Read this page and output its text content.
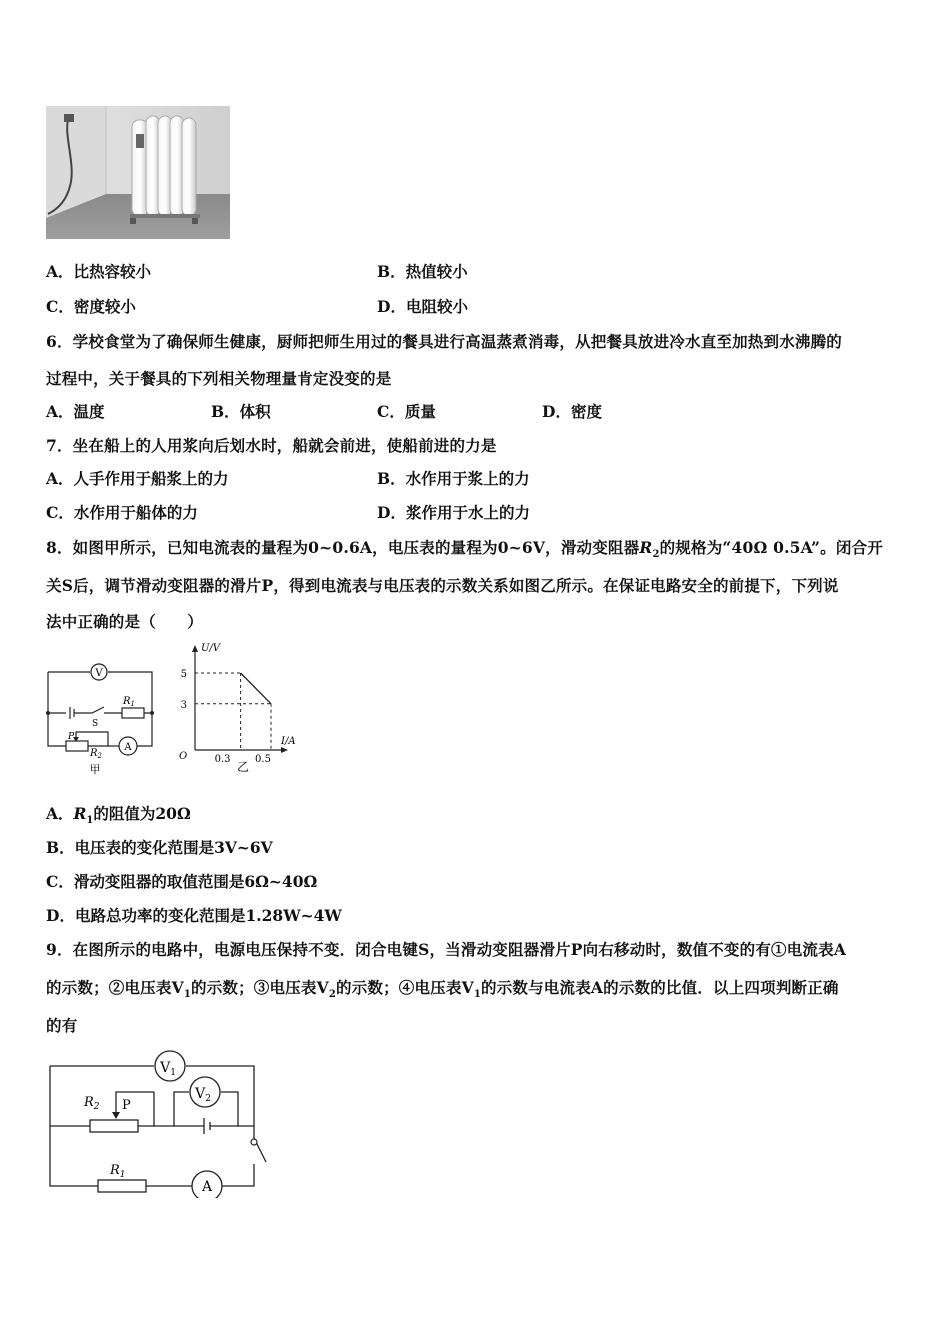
A．比热容较小	B．热值较小
C．密度较小	D．电阻较小
6．学校食堂为了确保师生健康，厨师把师生用过的餐具进行高温蒸煮消毒，从把餐具放进冷水直至加热到水沸腾的
过程中，关于餐具的下列相关物理量肯定没变的是
A．温度	B．体积	C．质量	D．密度
7．坐在船上的人用浆向后划水时，船就会前进，使船前进的力是
A．人手作用于船浆上的力	B．水作用于浆上的力
C．水作用于船体的力	D．浆作用于水上的力
8．如图甲所示，已知电流表的量程为0~0.6A，电压表的量程为0~6V，滑动变阻器$R_2$的规格为“40Ω 0.5A”。闭合开
关S后，调节滑动变阻器的滑片P，得到电流表与电压表的示数关系如图乙所示。在保证电路安全的前提下，下列说
法中正确的是（　　）
V
$R_1$
S
P
$R_2$
A
甲
U/V
I/A
O
5
3
0.3 0.5
乙
A．$R_1$的阻值为20Ω
B．电压表的变化范围是3V~6V
C．滑动变阻器的取值范围是6Ω~40Ω
D．电路总功率的变化范围是1.28W~4W
9．在图所示的电路中，电源电压保持不变．闭合电键S，当滑动变阻器滑片P向右移动时，数值不变的有①电流表A
的示数；②电压表$V_1$的示数；③电压表$V_2$的示数；④电压表$V_1$的示数与电流表A的示数的比值．以上四项判断正确
的有
$V_1$
$V_2$
$R_2$ P
$R_1$
A
